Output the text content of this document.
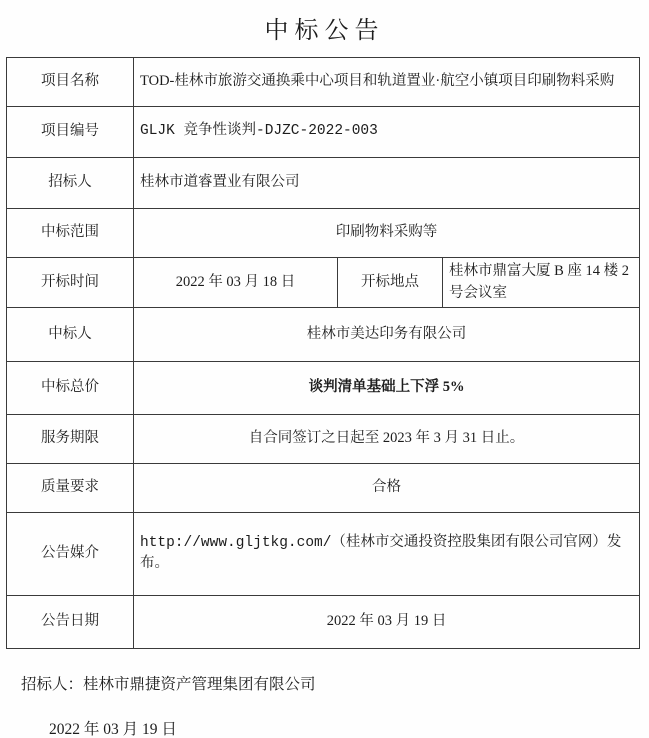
中标公告
项目名称	TOD-桂林市旅游交通换乘中心项目和轨道置业·航空小镇项目印刷物料采购		
项目编号	GLJK 竞争性谈判-DJZC-2022-003		
招标人	桂林市道睿置业有限公司		
中标范围	印刷物料采购等		
开标时间	2022 年 03 月 18 日	开标地点	桂林市鼎富大厦 B 座 14 楼 2 号会议室
中标人	桂林市美达印务有限公司		
中标总价	谈判清单基础上下浮 5%		
服务期限	自合同签订之日起至 2023 年 3 月 31 日止。		
质量要求	合格		
公告媒介	http://www.gljtkg.com/（桂林市交通投资控股集团有限公司官网）发布。		
公告日期	2022 年 03 月 19 日		
招标人：桂林市鼎捷资产管理集团有限公司
2022 年 03 月 19 日
